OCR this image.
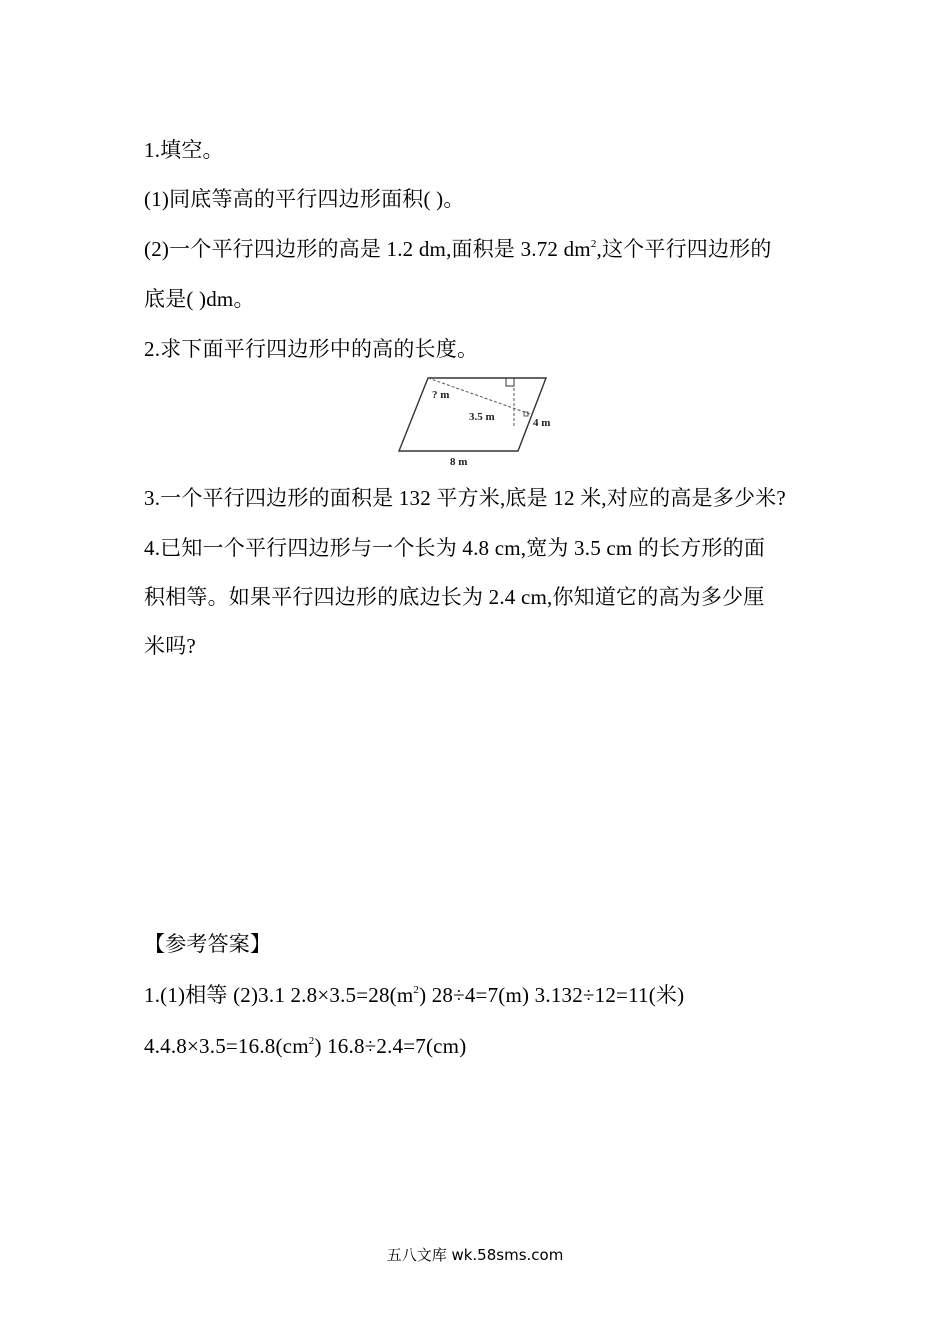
1.填空。
(1)同底等高的平行四边形面积( )。
(2)一个平行四边形的高是 1.2 dm,面积是 3.72 $dm^2$,这个平行四边形的
底是( )dm。
2.求下面平行四边形中的高的长度。
? m
3.5 m	4 m
8 m
3.一个平行四边形的面积是 132 平方米,底是 12 米,对应的高是多少米?
4.已知一个平行四边形与一个长为 4.8 cm,宽为 3.5 cm 的长方形的面
积相等。如果平行四边形的底边长为 2.4 cm,你知道它的高为多少厘
米吗?
【参考答案】
1.(1)相等 (2)3.1 $2.8\times 3.5=28(m^2)$ 28÷4=7(m) 3.132÷12=11(米)
$4.4.8\times 3.5=16.8(cm^2)$ 16.8÷2.4=7(cm)
五八文库 wk.58sms.com
